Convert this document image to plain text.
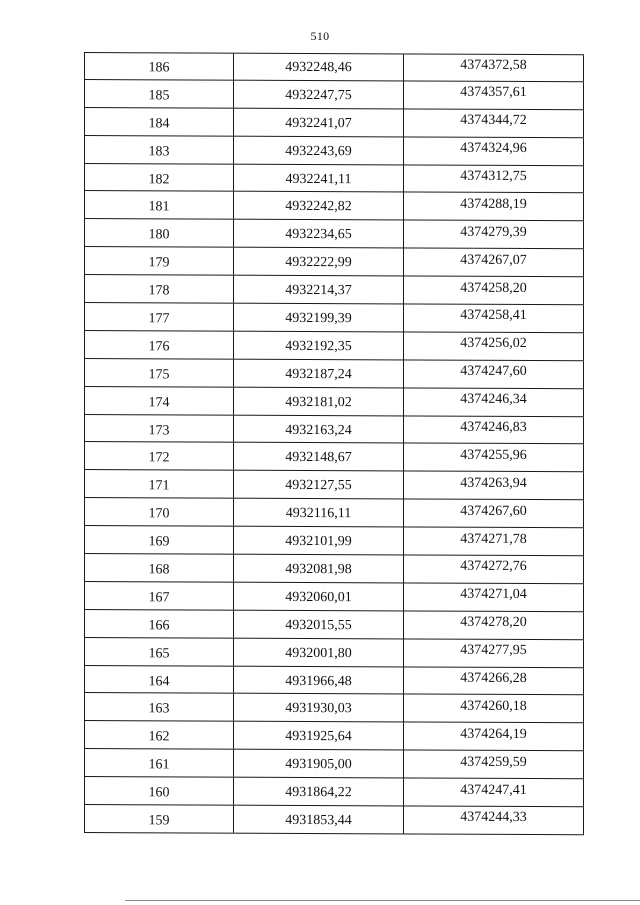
510
186	4932248,46	4374372,58
185	4932247,75	4374357,61
184	4932241,07	4374344,72
183	4932243,69	4374324,96
182	4932241,11	4374312,75
181	4932242,82	4374288,19
180	4932234,65	4374279,39
179	4932222,99	4374267,07
178	4932214,37	4374258,20
177	4932199,39	4374258,41
176	4932192,35	4374256,02
175	4932187,24	4374247,60
174	4932181,02	4374246,34
173	4932163,24	4374246,83
172	4932148,67	4374255,96
171	4932127,55	4374263,94
170	4932116,11	4374267,60
169	4932101,99	4374271,78
168	4932081,98	4374272,76
167	4932060,01	4374271,04
166	4932015,55	4374278,20
165	4932001,80	4374277,95
164	4931966,48	4374266,28
163	4931930,03	4374260,18
162	4931925,64	4374264,19
161	4931905,00	4374259,59
160	4931864,22	4374247,41
159	4931853,44	4374244,33
